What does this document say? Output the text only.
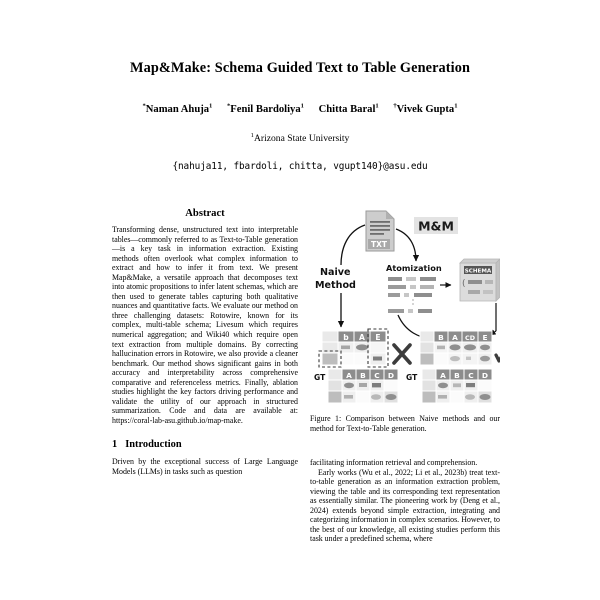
Map&Make: Schema Guided Text to Table Generation
*Naman Ahuja$^1$ *Fenil Bardoliya$^1$ Chitta Baral$^1$ †Vivek Gupta$^1$
$^1$Arizona State University
{nahuja11, fbardoli, chitta, vgupt140}@asu.edu
Abstract

Transforming dense, unstructured text into interpretable tables—commonly referred to as Text-to-Table generation—is a key task in information extraction. Existing methods often overlook what complex information to extract and how to infer it from text. We present Map&Make, a versatile approach that decomposes text into atomic propositions to infer latent schemas, which are then used to generate tables capturing both qualitative nuances and quantitative facts. We evaluate our method on three challenging datasets: Rotowire, known for its complex, multi-table schema; Livesum which requires numerical aggregation; and Wiki40 which require open text extraction from multiple domains. By correcting hallucination errors in Rotowire, we also provide a cleaner benchmark. Our method shows significant gains in both accuracy and interpretability across comprehensive comparative and referenceless metrics. Finally, ablation studies highlight the key factors driving performance and validate the utility of our approach in structured summarization. Code and data are available at: https://coral-lab-asu.github.io/map-make.

1 Introduction

Driven by the exceptional success of Large Language Models (LLMs) in tasks such as question

TXT
M&M
Naive
Method
Atomization	SCHEMA
(
b A E
GT	A B C D
B A CD E
GT	A B C D
Figure 1: Comparison between Naive methods and our method for Text-to-Table generation.

facilitating information retrieval and comprehension.

Early works (Wu et al., 2022; Li et al., 2023b) treat text-to-table generation as an information extraction problem, viewing the table and its corresponding text representation as essentially similar. The pioneering work by (Deng et al., 2024) extends beyond simple extraction, integrating and categorizing information in complex scenarios. However, to the best of our knowledge, all existing studies perform this task under a predefined schema, where
